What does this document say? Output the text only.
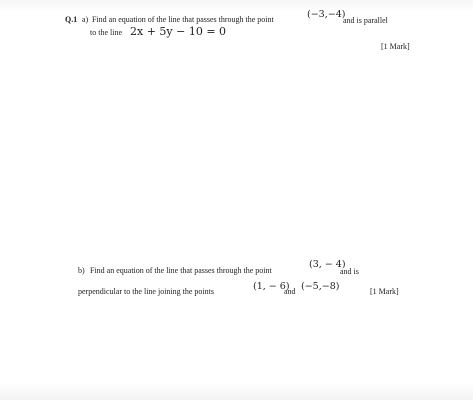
Q.1 a) Find an equation of the line that passes through the point	(−3,−4)
and is parallel
to the line 2x + 5y − 10 = 0
[1 Mark]
b) Find an equation of the line that passes through the point
(3, − 4)
and is
perpendicular to the line joining the points	(1, − 6)
and (−5,−8)	[1 Mark]
